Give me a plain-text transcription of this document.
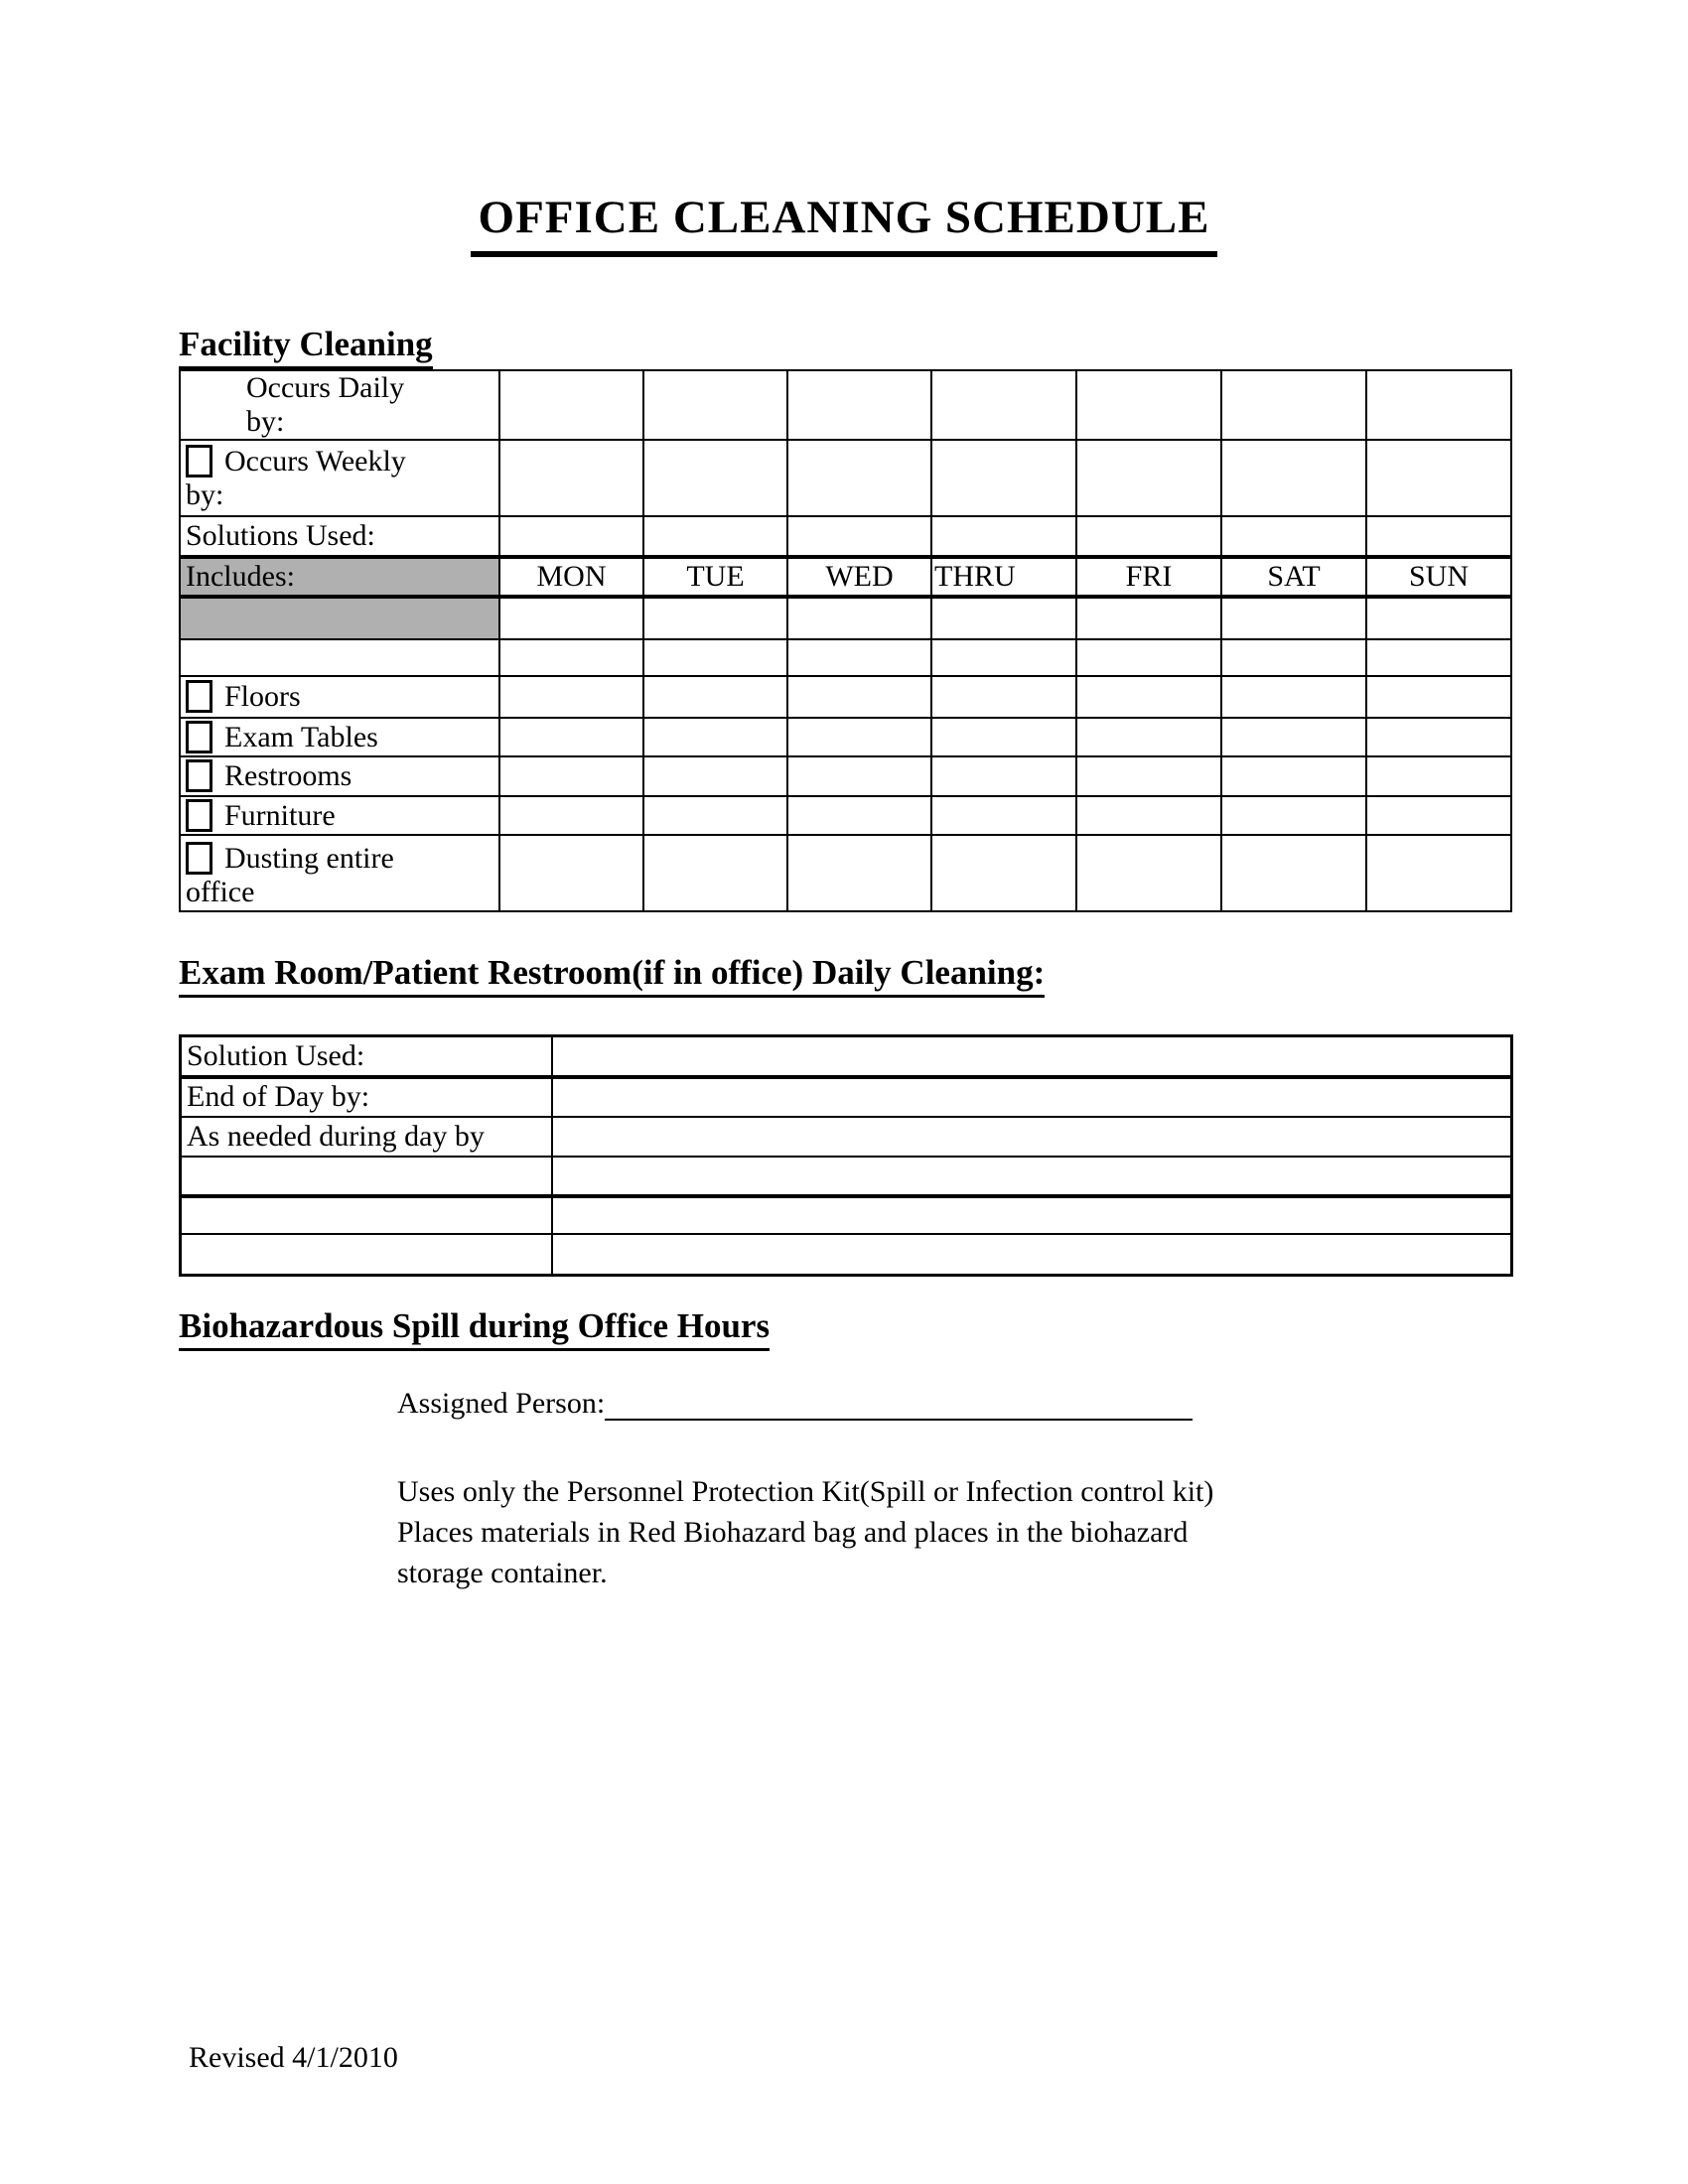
OFFICE CLEANING SCHEDULE
Facility Cleaning
Occurs Daily by:							
Occurs Weekly by:							
Solutions Used:							
Includes:	MON	TUE	WED	THRU	FRI	SAT	SUN

Floors							
Exam Tables							
Restrooms							
Furniture							
Dusting entire office							
Exam Room/Patient Restroom(if in office) Daily Cleaning:
Solution Used:	
End of Day by:	
As needed during day by	

Biohazardous Spill during Office Hours
Assigned Person:
Uses only the Personnel Protection Kit(Spill or Infection control kit)
Places materials in Red Biohazard bag and places in the biohazard
storage container.
Revised 4/1/2010
